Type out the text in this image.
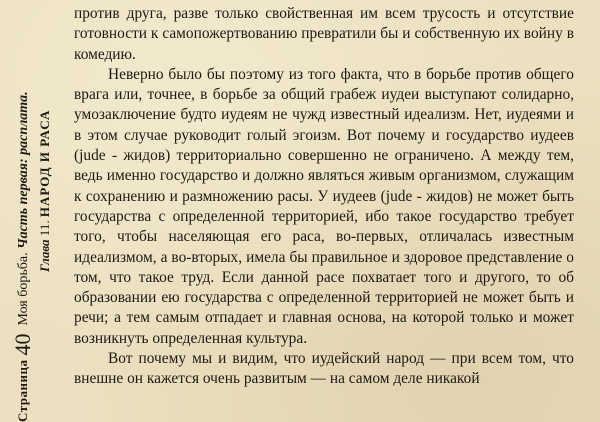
Страница40Моя борьба. Часть первая: расплата.
Глава 11. НАРОД И РАСА

против друга, разве только свойственная им всем трусость и отсутствие готовности к самопожертвованию превратили бы и собственную их войну в комедию.

Неверно было бы поэтому из того факта, что в борьбе против общего врага или, точнее, в борьбе за общий грабеж иудеи выступают солидарно, умозаключение будто иудеям не чужд известный идеализм. Нет, иудеями и в этом случае руководит голый эгоизм. Вот почему и государство иудеев (jude - жидов) территориально совершенно не ограничено. А между тем, ведь именно государство и должно являться живым организмом, служащим к сохранению и размножению расы. У иудеев (jude - жидов) не может быть государства с определенной территорией, ибо такое государство требует того, чтобы населяющая его раса, во-первых, отличалась известным идеализмом, а во-вторых, имела бы правильное и здоровое представление о том, что такое труд. Если данной расе похватает того и другого, то об образовании ею государства с определенной территорией не может быть и речи; а тем самым отпадает и главная основа, на которой только и может возникнуть определенная культура.

Вот почему мы и видим, что иудейский народ — при всем том, что внешне он кажется очень развитым — на самом деле никакой
